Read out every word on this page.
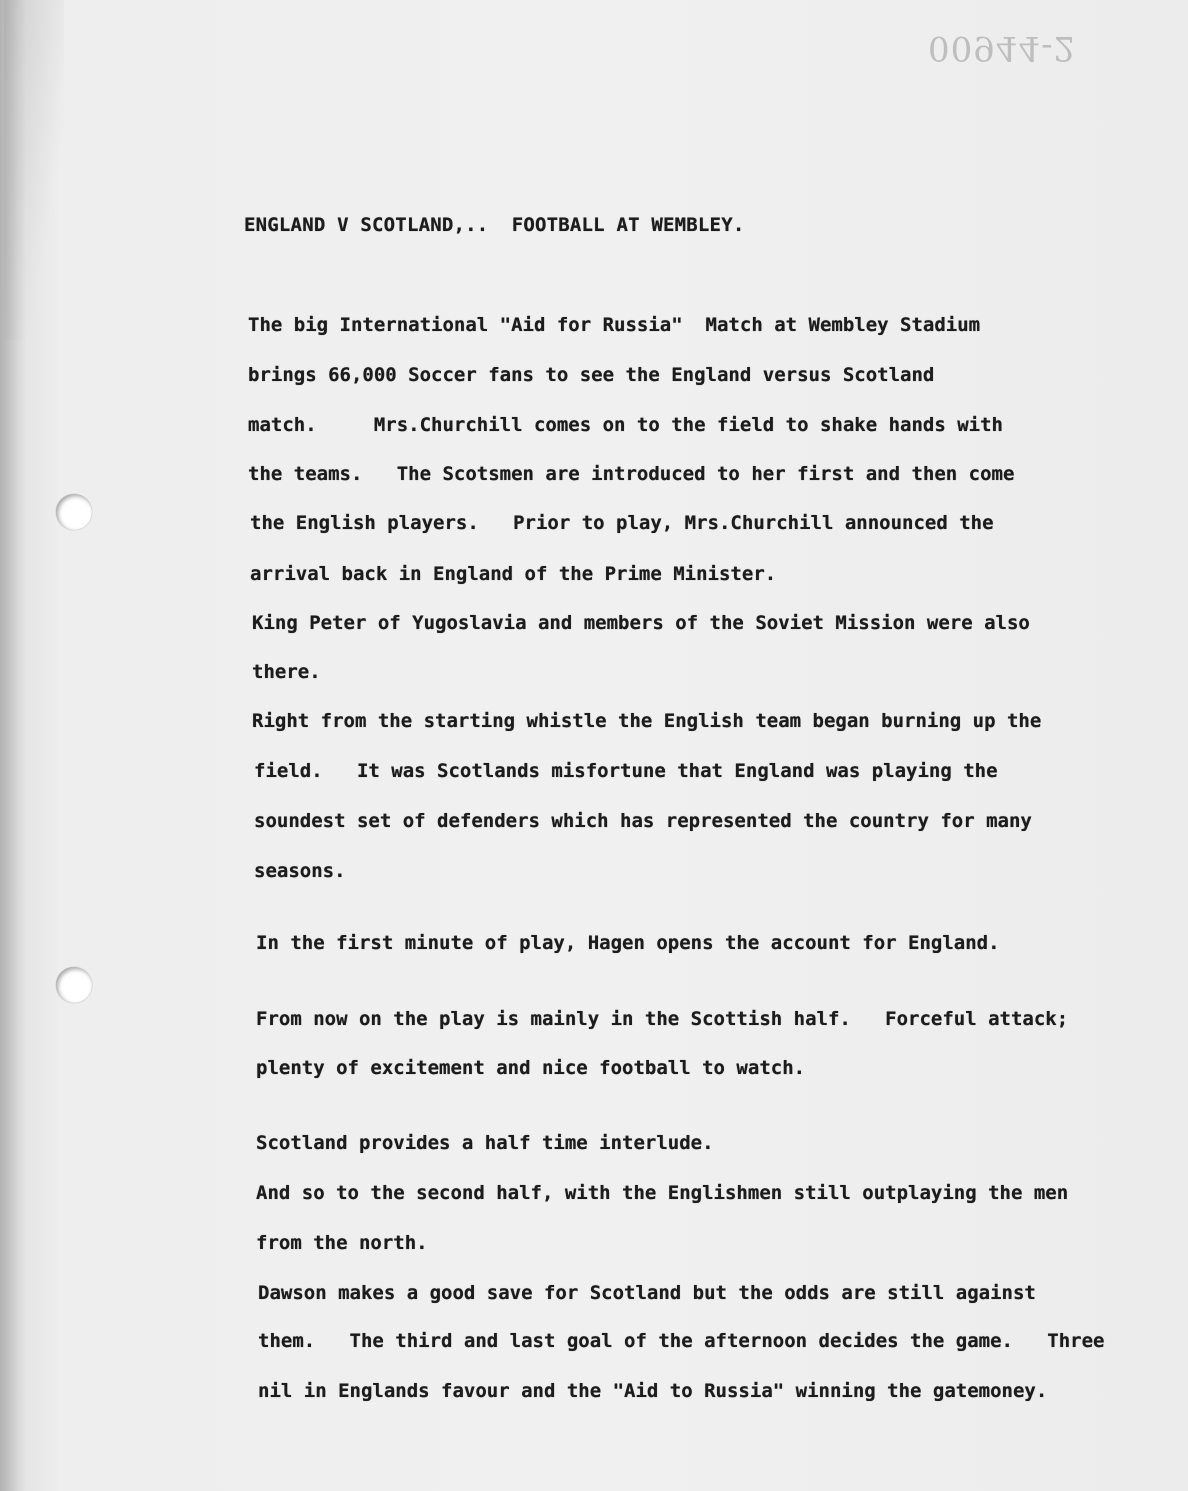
00944-2
ENGLAND V SCOTLAND,..  FOOTBALL AT WEMBLEY.
The big International "Aid for Russia"  Match at Wembley Stadium
brings 66,000 Soccer fans to see the England versus Scotland
match.     Mrs.Churchill comes on to the field to shake hands with
the teams.   The Scotsmen are introduced to her first and then come
the English players.   Prior to play, Mrs.Churchill announced the
arrival back in England of the Prime Minister.
King Peter of Yugoslavia and members of the Soviet Mission were also
there.
Right from the starting whistle the English team began burning up the
field.   It was Scotlands misfortune that England was playing the
soundest set of defenders which has represented the country for many
seasons.
In the first minute of play, Hagen opens the account for England.
From now on the play is mainly in the Scottish half.   Forceful attack;
plenty of excitement and nice football to watch.
Scotland provides a half time interlude.
And so to the second half, with the Englishmen still outplaying the men
from the north.
Dawson makes a good save for Scotland but the odds are still against
them.   The third and last goal of the afternoon decides the game.   Three
nil in Englands favour and the "Aid to Russia" winning the gatemoney.
